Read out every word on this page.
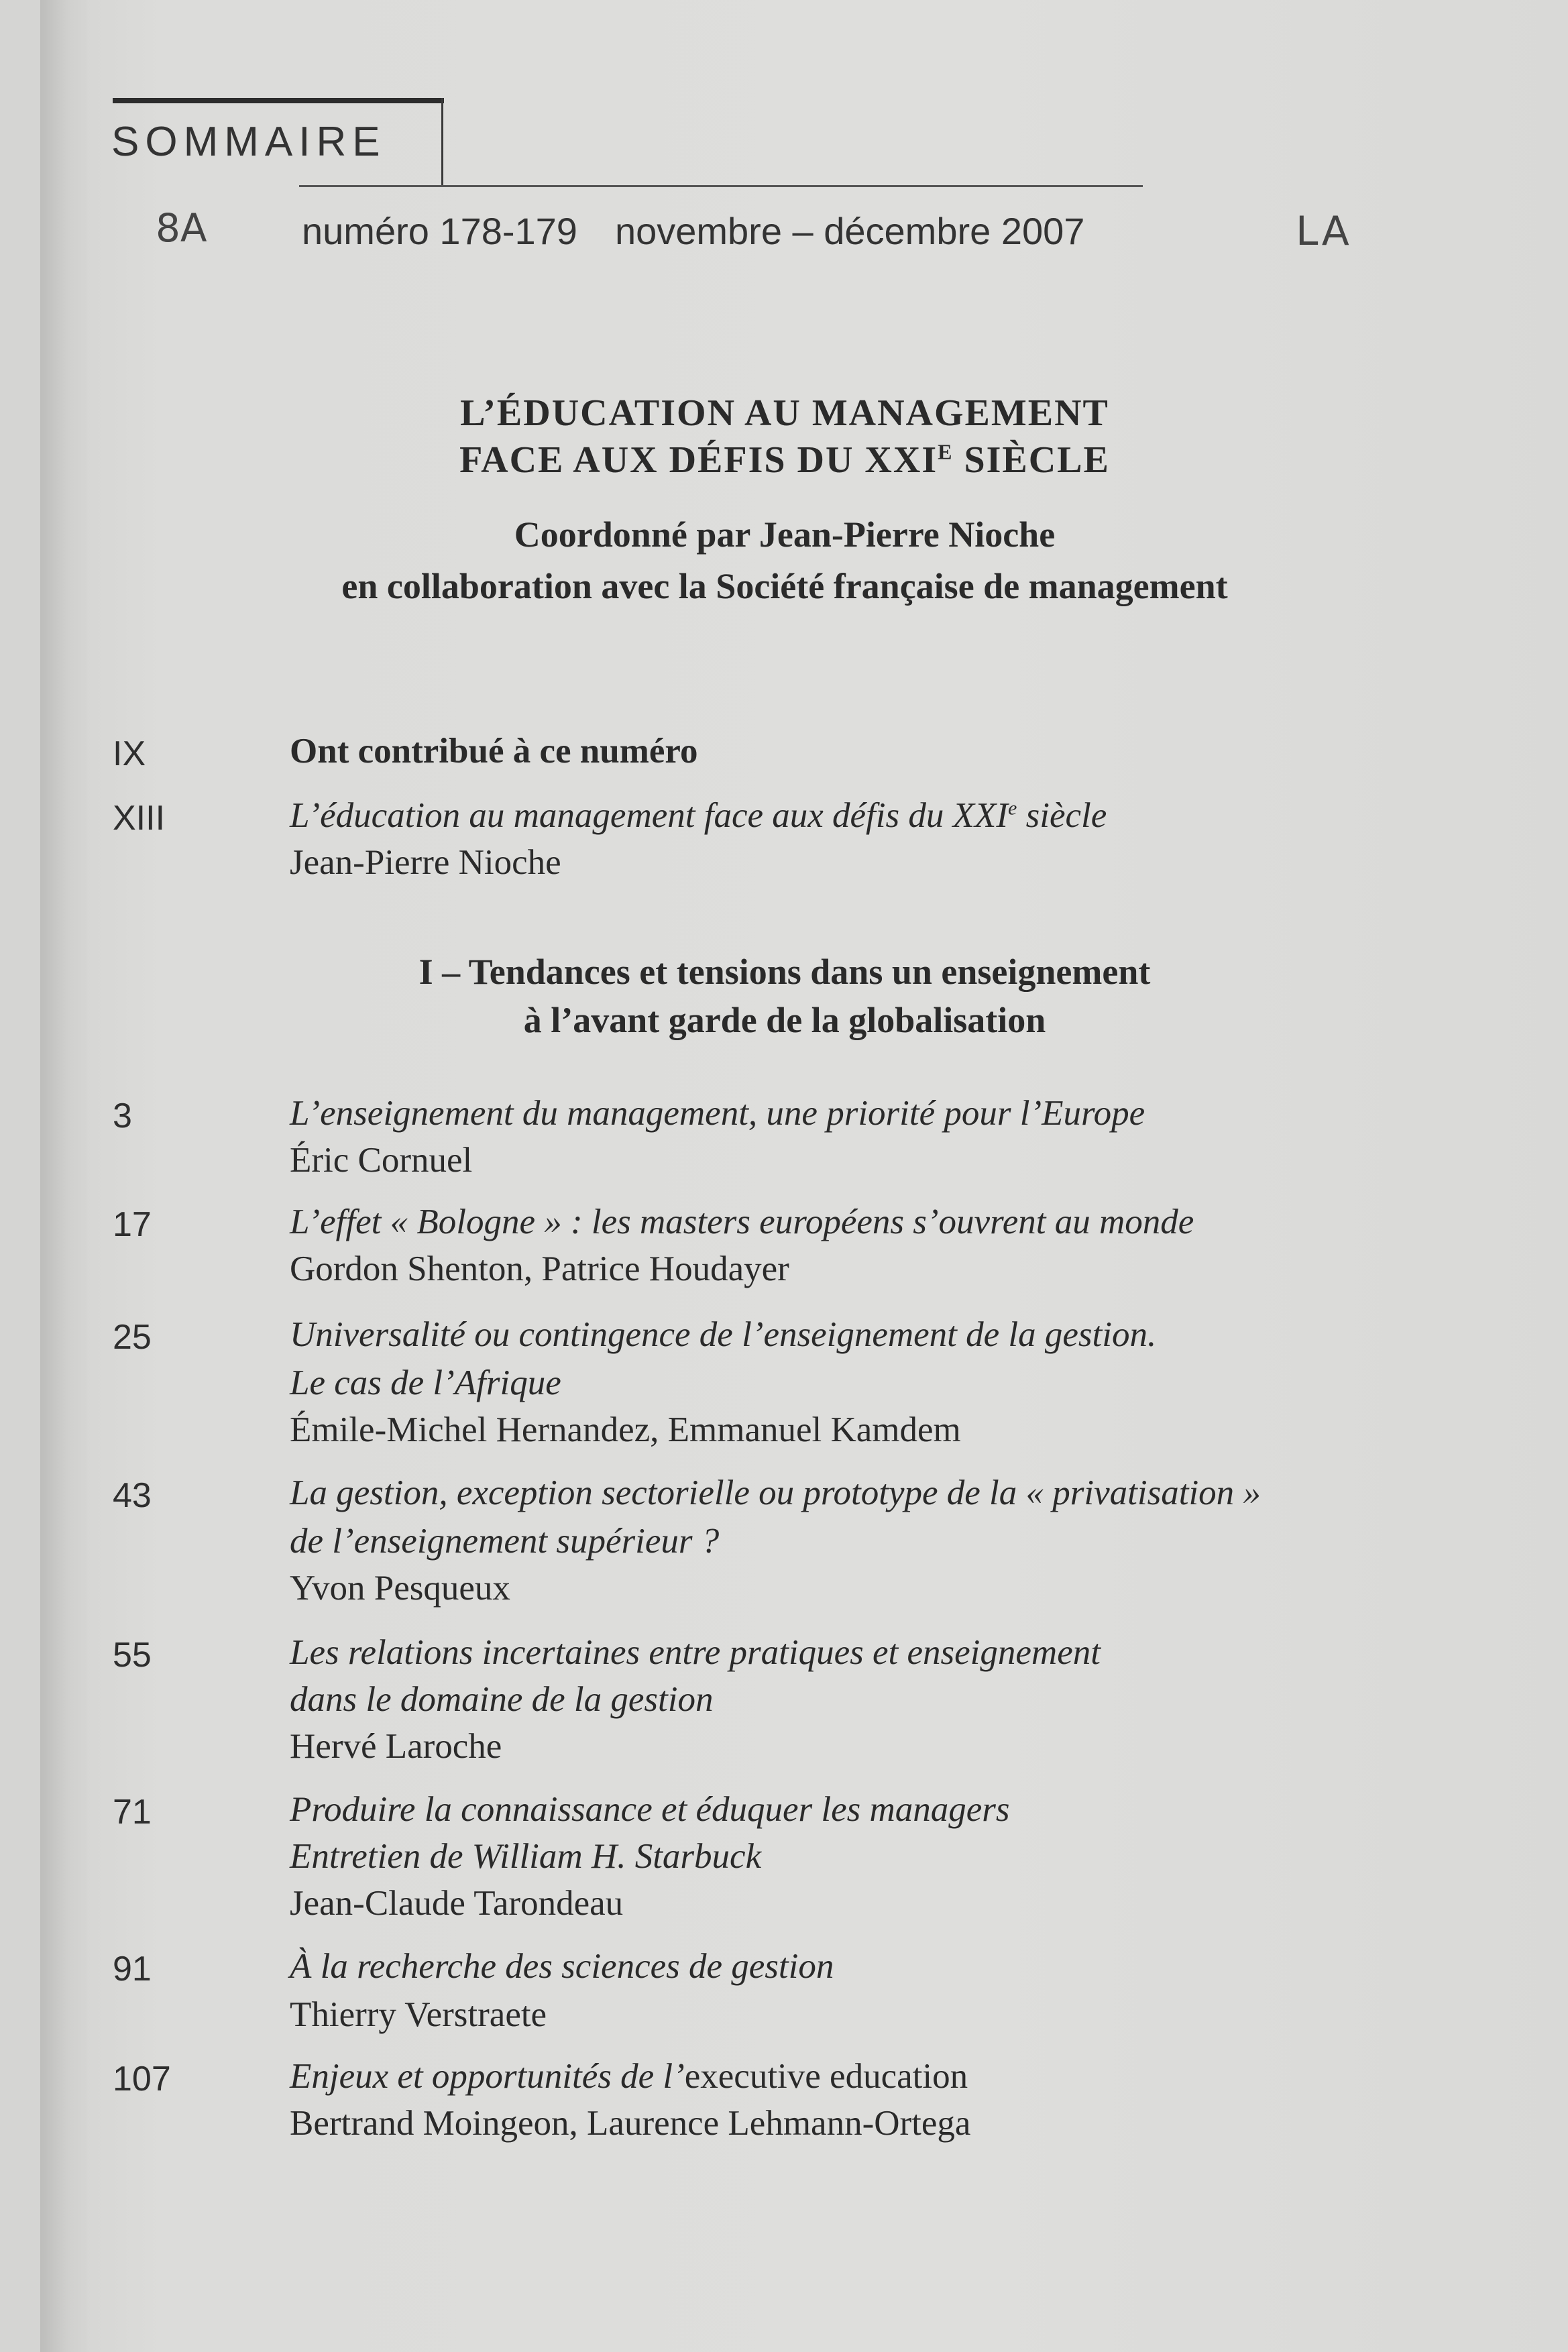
SOMMAIRE
8A	numéro 178-179 novembre – décembre 2007	LA
L’ÉDUCATION AU MANAGEMENT
FACE AUX DÉFIS DU $XXI^E$ SIÈCLE
Coordonné par Jean-Pierre Nioche
en collaboration avec la Société française de management
IX	Ont contribué à ce numéro
XIII	L’éducation au management face aux défis du XXIe siècle
Jean-Pierre Nioche
I – Tendances et tensions dans un enseignement
à l’avant garde de la globalisation
3	L’enseignement du management, une priorité pour l’Europe
Éric Cornuel
17	L’effet « Bologne » : les masters européens s’ouvrent au monde
Gordon Shenton, Patrice Houdayer
25	Universalité ou contingence de l’enseignement de la gestion.
Le cas de l’Afrique
Émile-Michel Hernandez, Emmanuel Kamdem
43	La gestion, exception sectorielle ou prototype de la « privatisation »
de l’enseignement supérieur ?
Yvon Pesqueux
55	Les relations incertaines entre pratiques et enseignement
dans le domaine de la gestion
Hervé Laroche
71	Produire la connaissance et éduquer les managers
Entretien de William H. Starbuck
Jean-Claude Tarondeau
91	À la recherche des sciences de gestion
Thierry Verstraete
107	Enjeux et opportunités de l’executive education
Bertrand Moingeon, Laurence Lehmann-Ortega
